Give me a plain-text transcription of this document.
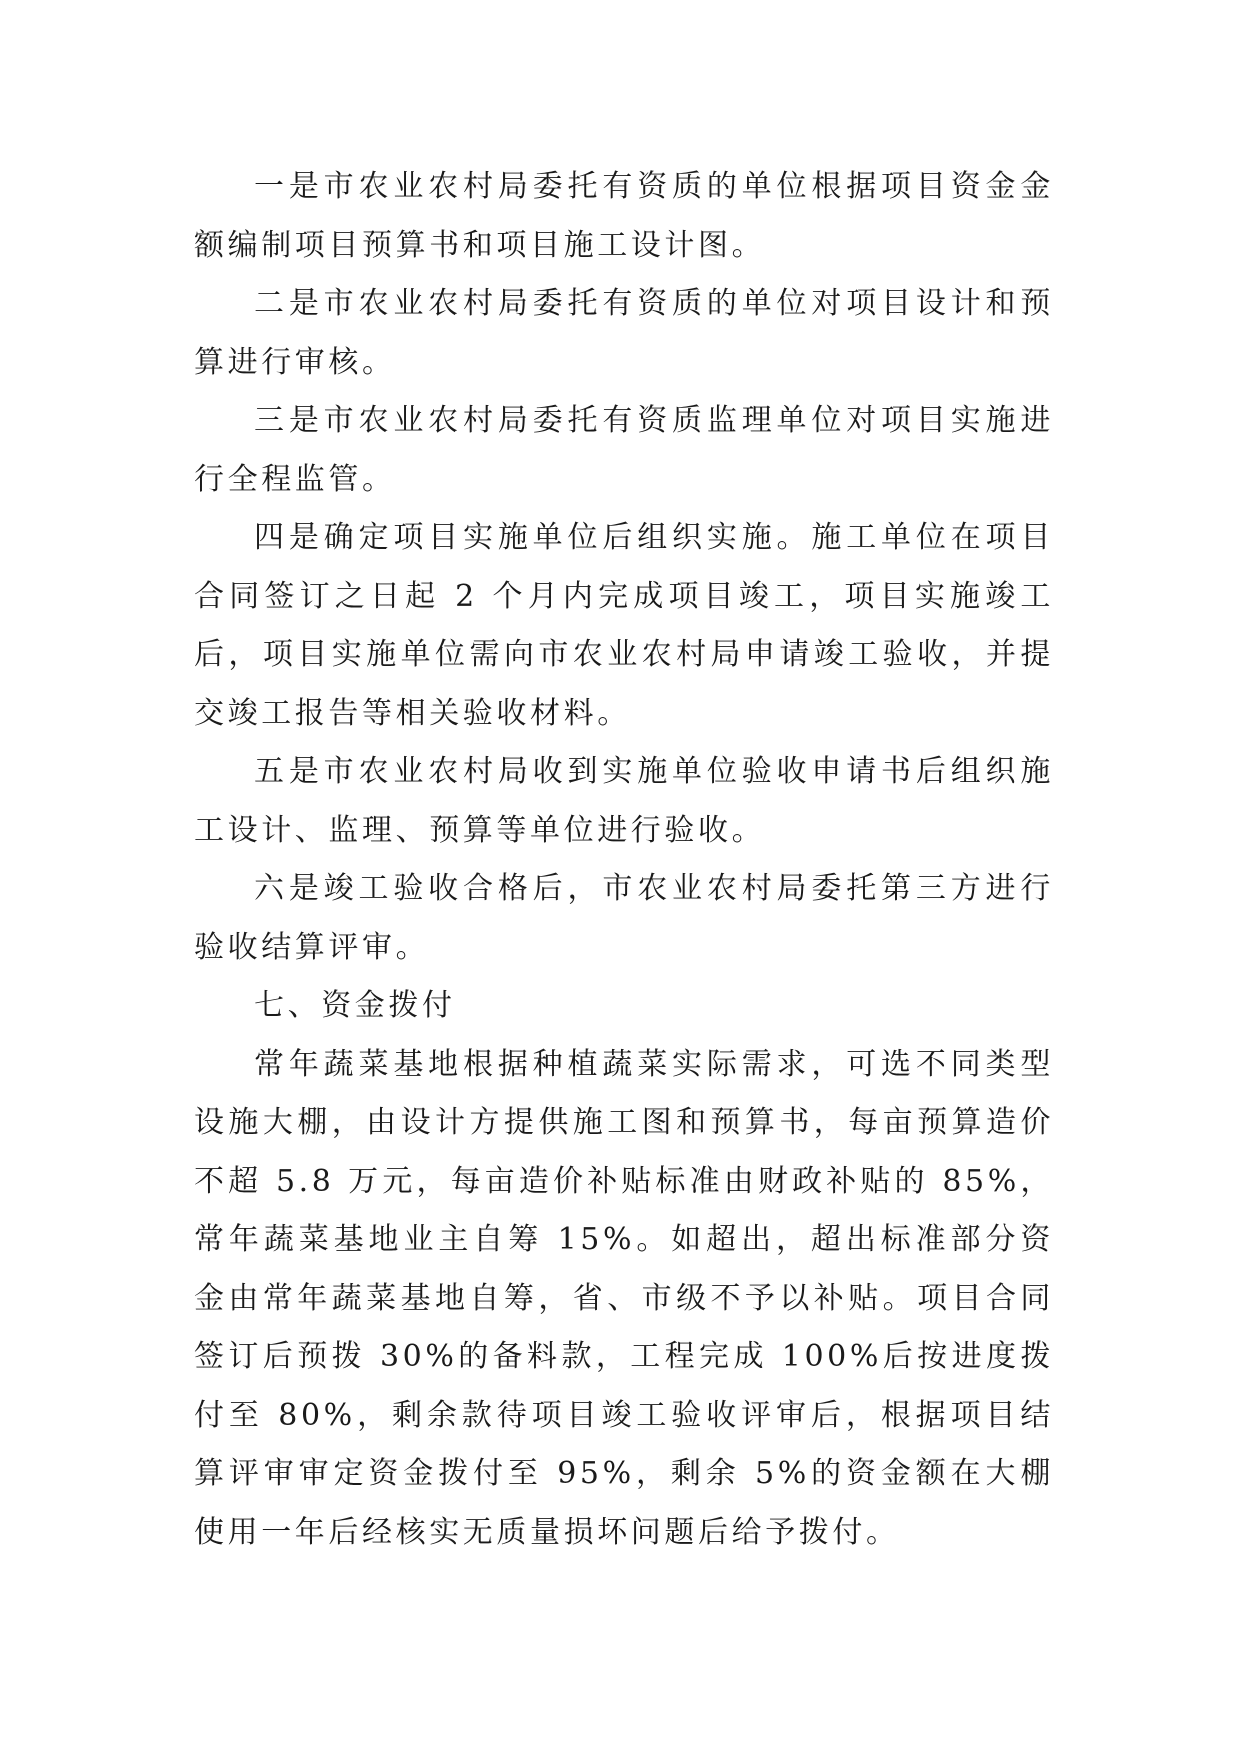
一是市农业农村局委托有资质的单位根据项目资金金额编制项目预算书和项目施工设计图。

二是市农业农村局委托有资质的单位对项目设计和预算进行审核。

三是市农业农村局委托有资质监理单位对项目实施进行全程监管。

四是确定项目实施单位后组织实施。施工单位在项目合同签订之日起 2 个月内完成项目竣工，项目实施竣工后，项目实施单位需向市农业农村局申请竣工验收，并提交竣工报告等相关验收材料。

五是市农业农村局收到实施单位验收申请书后组织施工设计、监理、预算等单位进行验收。

六是竣工验收合格后，市农业农村局委托第三方进行验收结算评审。

七、资金拨付

常年蔬菜基地根据种植蔬菜实际需求，可选不同类型设施大棚，由设计方提供施工图和预算书，每亩预算造价不超 5.8 万元，每亩造价补贴标准由财政补贴的 85%，常年蔬菜基地业主自筹 15%。如超出，超出标准部分资金由常年蔬菜基地自筹，省、市级不予以补贴。项目合同签订后预拨 30%的备料款，工程完成 100%后按进度拨付至 80%，剩余款待项目竣工验收评审后，根据项目结算评审审定资金拨付至 95%，剩余 5%的资金额在大棚使用一年后经核实无质量损坏问题后给予拨付。
